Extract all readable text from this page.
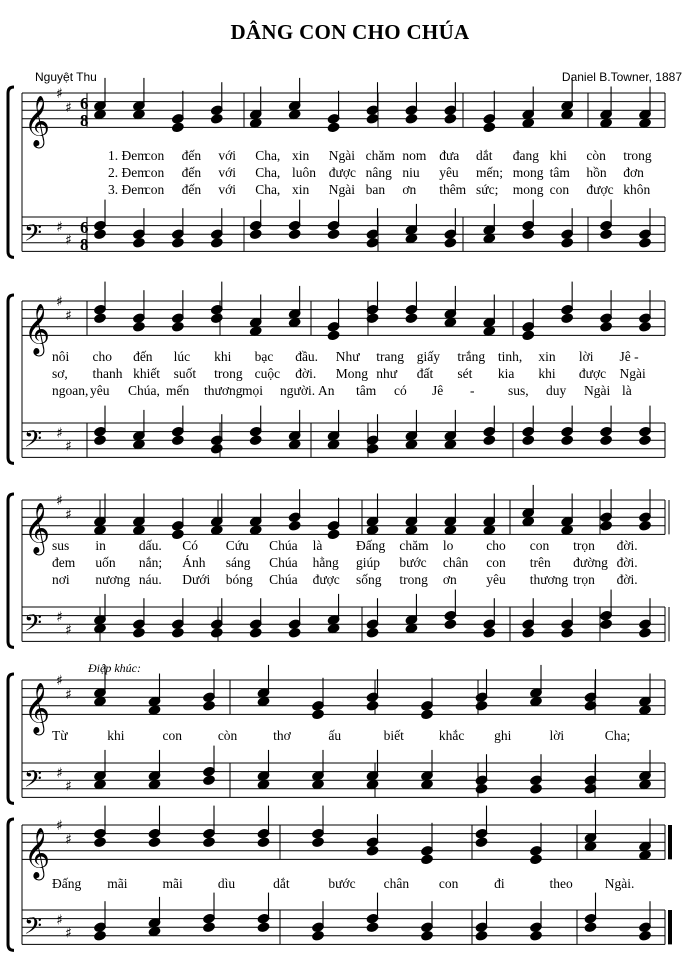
DÂNG CON CHO CHÚA
Nguyệt Thu	Daniel B.Towner, 1887
𝄞
𝄢
♯
♯
♯
♯
6
6
8
8
1. Đem
con đến với Cha, xin Ngài chăm nom đưa dắt đang khi còn trong
2. Đem
con đến với Cha, luôn được nâng niu yêu mến; mong tâm hồn đơn
3. Đem
con đến với Cha, xin Ngài ban ơn thêm sức; mong con được khôn
𝄞
𝄢
♯
♯
♯
♯
nôi cho đến lúc khi bạc đầu. Như trang giấy trắng tinh, xin lời Jê -
sơ, thanh khiết suốt trong cuộc đời. Mong như đất sét kia khi được Ngài
ngoan, yêu Chúa, mến thương mọi người. An tâm có Jê - sus, duy Ngài là
𝄞
𝄢
♯
♯
♯
♯
sus in dấu. Có Cứu Chúa là Đấng chăm lo cho con trọn đời.
đem uốn nắn; Ánh sáng Chúa hằng giúp bước chân con trên đường đời.
nơi nương náu. Dưới bóng Chúa được sống trong ơn yêu thương trọn đời.
𝄞
𝄢
♯
♯
♯
♯
Từ	khi	con	còn	thơ	ấu	biết	khắc ghi	lời	Cha;
Điệp khúc:
𝄞
𝄢
♯
♯
♯
♯
Đấng mãi	mãi	dìu	dắt	bước chân con	đi	theo Ngài.
